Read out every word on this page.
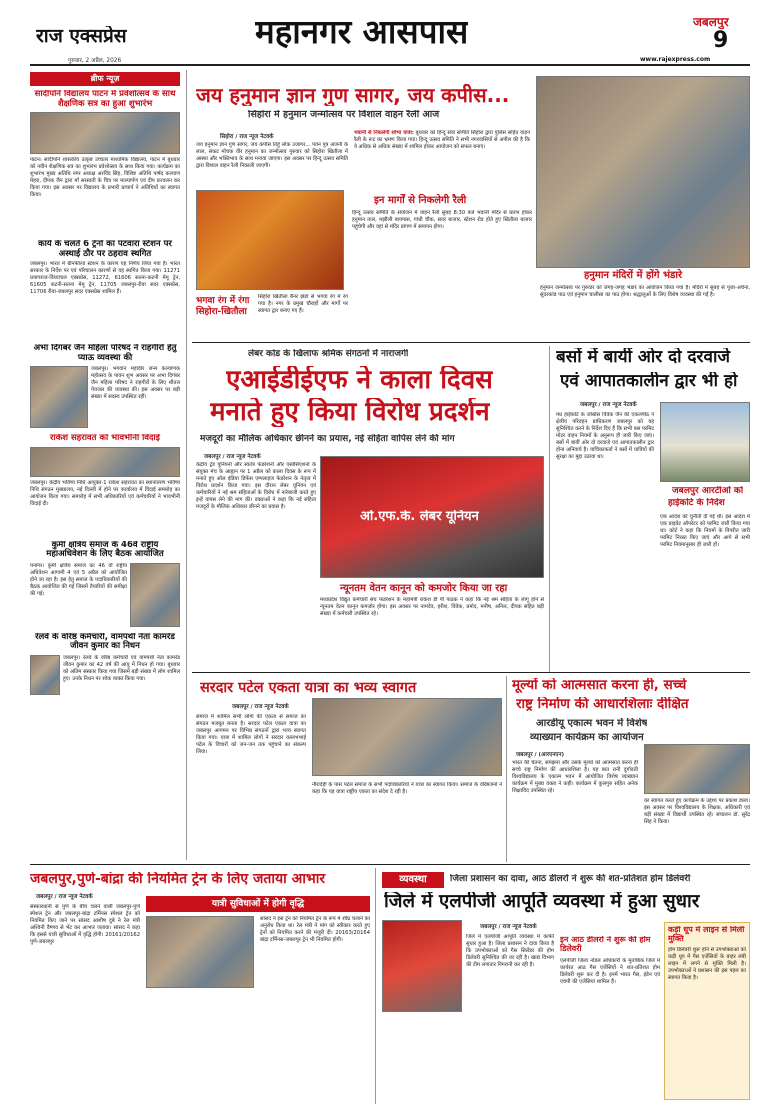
राज एक्सप्रेस
गुरुवार, 2 अप्रैल, 2026
महानगर आसपास	जबलपुर
9
www.rajexpress.com
ब्रीफ न्यूज़
सांदीपनि विद्यालय पाटन में प्रवेशोत्सव के साथ शैक्षणिक सत्र का हुआ शुभारंभ
पाटन। सांदीपनि शासकीय उत्कृष्ट उच्चतर माध्यमिक विद्यालय, पाटन में बुधवार को नवीन शैक्षणिक सत्र का शुभारंभ प्रवेशोत्सव के साथ किया गया। कार्यक्रम का शुभारंभ मुख्य अतिथि नगर अध्यक्ष अरविंद सिंह, विशिष्ट अतिथि पार्षद कल्याण मेहरा, दीपक जैन द्वारा माँ सरस्वती के चित्र पर माल्यार्पण एवं दीप प्रज्वलन कर किया गया। इस अवसर पर विद्यालय के प्रभारी प्राचार्य ने अतिथियों का स्वागत किया।
कार्य के चलते 6 ट्रेनों का पटवारा स्टेशन पर अस्थाई ठौर पर ठहराव स्थगित
जबलपुर। भारत में ग्रीनफील्ड स्टेशन के कारण यह निर्णय लिया गया है। भारत सरकार के निर्देश पर एवं परिचालन कारणों से यह स्थगित किया गया। 11271 प्रयागराज-विंध्याचल एक्सप्रेस, 11272, 61606 सतना-कटनी मेमू ट्रेन, 61605 कटनी-सतना मेमू ट्रेन, 11705 जबलपुर-रीवा सदर एक्सप्रेस, 11706 रीवा-जबलपुर सदर एक्सप्रेस शामिल हैं।
अभा दिगंबर जैन महिला परिषद ने राहगीरों हेतु प्याऊ व्यवस्था की
जबलपुर। भगवान महावीर जन्म कल्याणक महोत्सव के पावन शुभ अवसर पर अभा दिगंबर जैन महिला परिषद ने राहगीरों के लिए शीतल पेयजल की व्यवस्था की। इस अवसर पर बड़ी संख्या में सदस्य उपस्थित रहीं।
राकेश सहरावत को भावभीनी विदाई
जबलपुर। केंद्रीय भविष्य निधि आयुक्त-1 राकेश सहरावत का स्थानांतरण भविष्य निधि संगठन मुख्यालय, नई दिल्ली में होने पर कार्यालय में विदाई समारोह का आयोजन किया गया। समारोह में सभी अधिकारियों एवं कर्मचारियों ने भावभीनी विदाई दी।
कुर्मी क्षत्रिय समाज के 46वें राष्ट्रीय महाअधिवेशन के लिए बैठक आयोजित
पनागर। कुर्मी क्षत्रिय समाज का 46 वाँ राष्ट्रीय अधिवेशन आगामी 4 एवं 5 अप्रैल को आयोजित होने जा रहा है। इस हेतु समाज के पदाधिकारियों की बैठक आयोजित की गई जिसमें तैयारियों की समीक्षा की गई।
रेलवे के वरिष्ठ कर्मचारी, वामपंथी नेता कामरेड जीवन कुमार का निधन
जबलपुर। रेलवे के वरिष्ठ कर्मचारी एवं वामपंथी नेता कामरेड जीवन कुमार का 42 वर्ष की आयु में निधन हो गया। बुधवार को अंतिम संस्कार किया गया जिसमें बड़ी संख्या में लोग शामिल हुए। उनके निधन पर शोक व्यक्त किया गया।
जय हनुमान ज्ञान गुण सागर, जय कपीस...
सिहोरा में हनुमान जन्मोत्सव पर विशाल वाहन रैली आज
हनुमान मंदिरों में होंगे भंडारे
हनुमान जन्मोत्सव पर गुरुवार को जगह-जगह भंडारे का आयोजन किया गया है। मंदिरों में सुबह से पूजा-अर्चना, सुंदरकांड पाठ एवं हनुमान चालीसा का पाठ होगा। श्रद्धालुओं के लिए विशेष व्यवस्था की गई है।
सिहोरा / राज न्यूज नेटवर्क
जय हनुमान ज्ञान गुण सागर, जय कपीस तिहुं लोक उजागर... पवन पुत्र अंजनी के लाल, संकट मोचक वीर हनुमान का जन्मोत्सव गुरुवार को सिहोरा खितौला में आस्था और भक्तिभाव के साथ मनाया जाएगा। इस अवसर पर हिन्दू उत्सव समिति द्वारा विशाल वाहन रैली निकाली जाएगी।
भवानी से निकलेगी शोभा यात्रा: बुधवार को हिन्दू सेवा समिति सिहोरा द्वारा पुलिस सहित वाहन रैली के रूट का भ्रमण किया गया। हिन्दू उत्सव समिति ने सभी नगरवासियों से अपील की है कि वे अधिक से अधिक संख्या में शामिल होकर आयोजन को सफल बनाएं।
भगवा रंग में रंगा सिहोरा-खितौला
सिहोरा खितौला बैनर झंडों से भगवा रंग में रंग गया है। नगर के प्रमुख चौराहों और मार्गों पर स्वागत द्वार बनाए गए हैं।
इन मार्गों से निकलेगी रैली
हिन्दू उत्सव समिति के संयोजन में वाहन रैली सुबह 8:30 बजे भवानी मंदिर से प्रारंभ होकर हनुमान ताल, मझौली बायपास, गांधी चौक, सदर बाजार, स्टेशन रोड होते हुए खितौला बाजार पहुंचेगी और वहां से मंदिर प्रांगण में समापन होगा।
लेबर कोड के खिलाफ श्रमिक संगठनों में नाराजगी
एआईडीईएफ ने काला दिवस
मनाते हुए किया विरोध प्रदर्शन
मजदूरों का मौलिक अधिकार छीनने का प्रयास, नई संहिता वापिस लेने की मांग
जबलपुर / राज न्यूज नेटवर्क
केंद्रीय ट्रेड यूनियनों और स्वतंत्र फेडरेशनों और एसोसिएशनों के संयुक्त मंच के आह्वान पर 1 अप्रैल को काला दिवस के रूप में मनाते हुए ऑल इंडिया डिफेंस एम्पलाइज फेडरेशन के नेतृत्व में विरोध प्रदर्शन किया गया। इस दौरान लेबर यूनियन एवं कर्मचारियों ने नई श्रम संहिताओं के विरोध में नारेबाजी करते हुए इन्हें वापस लेने की मांग की। वक्ताओं ने कहा कि नई संहिता मजदूरों के मौलिक अधिकार छीनने का प्रयास है।
ओ.एफ.के. लेबर यूनियन
न्यूनतम वेतन कानून को कमजोर किया जा रहा
मध्यप्रदेश विद्युत कर्मचारी संघ फेडरेशन के महामंत्री राकेश डी पी पाठक ने कहा कि नई श्रम संहिता के लागू होने से न्यूनतम वेतन कानून कमजोर होगा। इस अवसर पर नामदेव, हरीश, विवेक, प्रमोद, मनीष, अनिल, दीपक सहित बड़ी संख्या में कर्मचारी उपस्थित रहे।
बसों में बायीं ओर दो दरवाजे
एवं आपातकालीन द्वार भी हो
जबलपुर / राज न्यूज नेटवर्क
मप्र हाईकोर्ट के जस्टिस विवेक जैन की एकलपीठ ने क्षेत्रीय परिवहन प्राधिकरण जबलपुर को यह सुनिश्चित करने के निर्देश दिए हैं कि सभी बस परमिट मोटर वाहन नियमों के अनुरूप ही जारी किए जाएं। बसों में बायीं ओर दो दरवाजे एवं आपातकालीन द्वार होना अनिवार्य है। याचिकाकर्ता ने बसों में यात्रियों की सुरक्षा का मुद्दा उठाया था।
जबलपुर आरटीओ को
हाईकोर्ट के निर्देश
एक आदेश को चुनौती दी गई थी। इस आदेश में एक प्राइवेट ऑपरेटर को परमिट जारी किया गया था। कोर्ट ने कहा कि नियमों के विपरीत जारी परमिट निरस्त किए जाएं और आगे से सभी परमिट नियमानुसार ही जारी हों।
सरदार पटेल एकता यात्रा का भव्य स्वागत
जबलपुर / राज न्यूज नेटवर्क
समाज में शामिल सभी लोगों की एकता से समाज का संगठन मजबूत बनता है। सरदार पटेल एकता यात्रा का जबलपुर आगमन पर विभिन्न संगठनों द्वारा भव्य स्वागत किया गया। यात्रा में शामिल लोगों ने सरदार वल्लभभाई पटेल के विचारों को जन-जन तक पहुंचाने का संकल्प लिया।
नौरादेही के पास पटेल समाज के सभी पदाधिकारियों ने यात्रा का स्वागत किया। समाज के वरिष्ठजनों ने कहा कि यह यात्रा राष्ट्रीय एकता का संदेश दे रही है।
मूल्यों को आत्मसात करना ही, सच्चे
राष्ट्र निर्माण की आधारशिलाः दीक्षित
आरडीयू एकात्म भवन में विशेष
व्याख्यान कार्यक्रम का आयोजन
जबलपुर / (आरएनएन)
भारत की चेतना, समझना और उसके मूल्यों को आत्मसात करना ही सच्चे राष्ट्र निर्माण की आधारशिला है। यह बात रानी दुर्गावती विश्वविद्यालय के एकात्म भवन में आयोजित विशेष व्याख्यान कार्यक्रम में मुख्य वक्ता ने कही। कार्यक्रम में कुलगुरु सहित अनेक शिक्षाविद उपस्थित रहे।
का स्वागत करते हुए कार्यक्रम के उद्देश्य पर प्रकाश डाला। इस अवसर पर विश्वविद्यालय के शिक्षक, अधिकारी एवं बड़ी संख्या में विद्यार्थी उपस्थित रहे। संचालन डॉ. सुरेंद्र सिंह ने किया।
जबलपुर,पुणे-बांद्रा की नियमित ट्रेन के लिए जताया आभार
जबलपुर / राज न्यूज नेटवर्क
संस्कारधानी से पुणे के बीच चलने वाली जबलपुर-पुणे स्पेशल ट्रेन और जबलपुर-बांद्रा टर्मिनस स्पेशल ट्रेन को नियमित किए जाने पर सांसद आशीष दुबे ने रेल मंत्री अश्विनी वैष्णव से भेंट कर आभार जताया। सांसद ने कहा कि इससे यात्री सुविधाओं में वृद्धि होगी। 20161/20162 पुणे-जबलपुर
यात्री सुविधाओं में होगी वृद्धि
सांसद ने इस ट्रेन को नियमित ट्रेन के रूप में शीघ्र चलाने का अनुरोध किया था। रेल मंत्री ने मांग को स्वीकार करते हुए ट्रेनों को नियमित करने की मंजूरी दी। 20163/20164 बांद्रा टर्मिनस-जबलपुर ट्रेन भी नियमित होगी।
व्यवस्था	जिला प्रशासन का दावा, आठ डीलरों ने शुरू की शत-प्रतिशत होम डिलेवरी
जिले में एलपीजी आपूर्ति व्यवस्था में हुआ सुधार
जबलपुर / राज न्यूज नेटवर्क
जिले में एलपीजी आपूर्ति व्यवस्था में काफी सुधार हुआ है। जिला प्रशासन ने दावा किया है कि उपभोक्ताओं को गैस सिलेंडर की होम डिलेवरी सुनिश्चित की जा रही है। खाद्य विभाग की टीम लगातार निगरानी कर रही है।
इन आठ डीलरों ने शुरू की होम डिलेवरी
एलपीजी जिला नोडल अधिकारी के मुताबिक जिले में कार्यरत आठ गैस एजेंसियों ने शत-प्रतिशत होम डिलेवरी शुरू कर दी है। इनमें भारत गैस, इंडेन एवं एचपी की एजेंसियां शामिल हैं।
कड़ी धूप में लाइन से मिली मुक्ति
होम डिलेवरी शुरू होने से उपभोक्ताओं को कड़ी धूप में गैस एजेंसियों के बाहर लंबी लाइन में लगने से मुक्ति मिली है। उपभोक्ताओं ने प्रशासन की इस पहल का स्वागत किया है।
